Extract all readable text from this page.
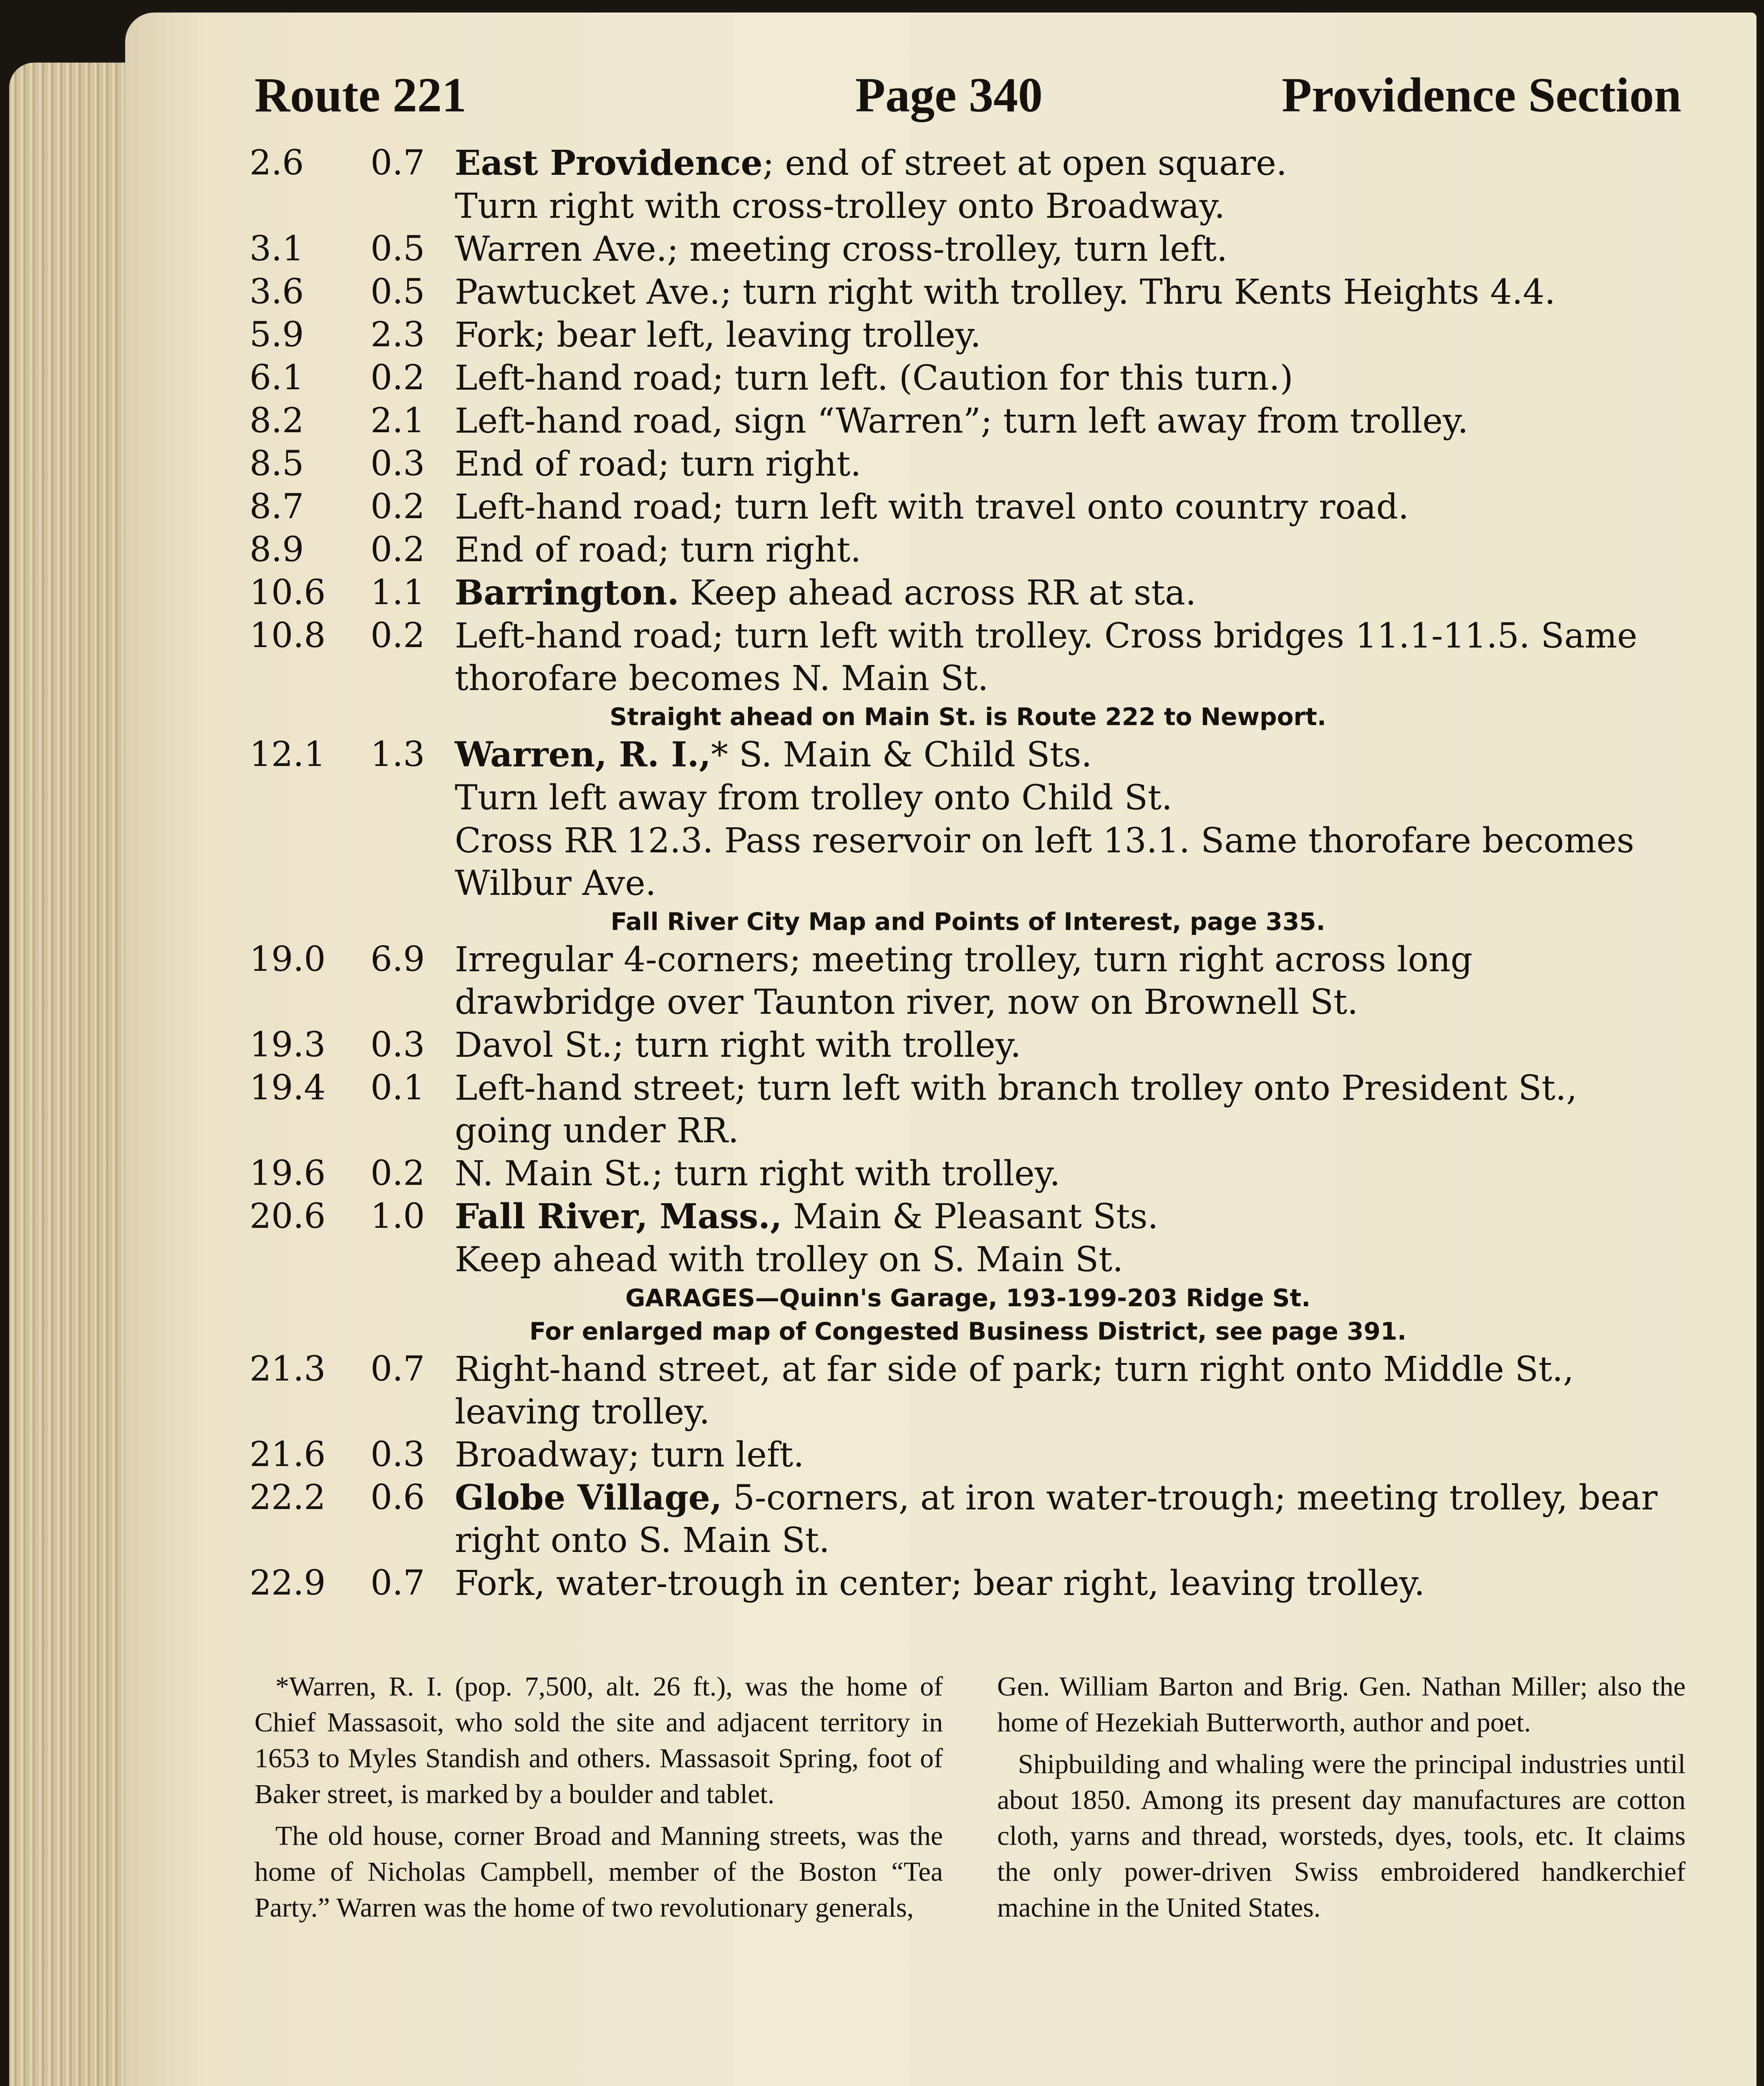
Route 221	Page 340	Providence Section
2.6	0.7 East Providence; end of street at open square.
Turn right with cross-trolley onto Broadway.
3.1	0.5 Warren Ave.; meeting cross-trolley, turn left.
3.6	0.5 Pawtucket Ave.; turn right with trolley. Thru Kents Heights 4.4.
5.9	2.3 Fork; bear left, leaving trolley.
6.1	0.2 Left-hand road; turn left. (Caution for this turn.)
8.2	2.1 Left-hand road, sign “Warren”; turn left away from trolley.
8.5	0.3 End of road; turn right.
8.7	0.2 Left-hand road; turn left with travel onto country road.
8.9	0.2 End of road; turn right.
10.6	1.1 Barrington. Keep ahead across RR at sta.
10.8	0.2 Left-hand road; turn left with trolley. Cross bridges 11.1-11.5. Same thorofare becomes N. Main St.
Straight ahead on Main St. is Route 222 to Newport.
12.1	1.3 Warren, R. I.,* S. Main & Child Sts.
Turn left away from trolley onto Child St.
Cross RR 12.3. Pass reservoir on left 13.1. Same thorofare becomes Wilbur Ave.
Fall River City Map and Points of Interest, page 335.
19.0	6.9 Irregular 4-corners; meeting trolley, turn right across long drawbridge over Taunton river, now on Brownell St.
19.3	0.3 Davol St.; turn right with trolley.
19.4	0.1 Left-hand street; turn left with branch trolley onto President St., going under RR.
19.6	0.2 N. Main St.; turn right with trolley.
20.6	1.0 Fall River, Mass., Main & Pleasant Sts.
Keep ahead with trolley on S. Main St.
GARAGES—Quinn's Garage, 193-199-203 Ridge St.
For enlarged map of Congested Business District, see page 391.
21.3	0.7 Right-hand street, at far side of park; turn right onto Middle St., leaving trolley.
21.6	0.3 Broadway; turn left.
22.2	0.6 Globe Village, 5-corners, at iron water-trough; meeting trolley, bear right onto S. Main St.
22.9	0.7 Fork, water-trough in center; bear right, leaving trolley.

*Warren, R. I. (pop. 7,500, alt. 26 ft.), was the home of Chief Massasoit, who sold the site and adjacent territory in 1653 to Myles Standish and others. Massasoit Spring, foot of Baker street, is marked by a boulder and tablet.

The old house, corner Broad and Manning streets, was the home of Nicholas Campbell, member of the Boston “Tea Party.” Warren was the home of two revolutionary generals,

Gen. William Barton and Brig. Gen. Nathan Miller; also the home of Hezekiah Butterworth, author and poet.

Shipbuilding and whaling were the principal industries until about 1850. Among its present day manufactures are cotton cloth, yarns and thread, worsteds, dyes, tools, etc. It claims the only power-driven Swiss embroidered handkerchief machine in the United States.
